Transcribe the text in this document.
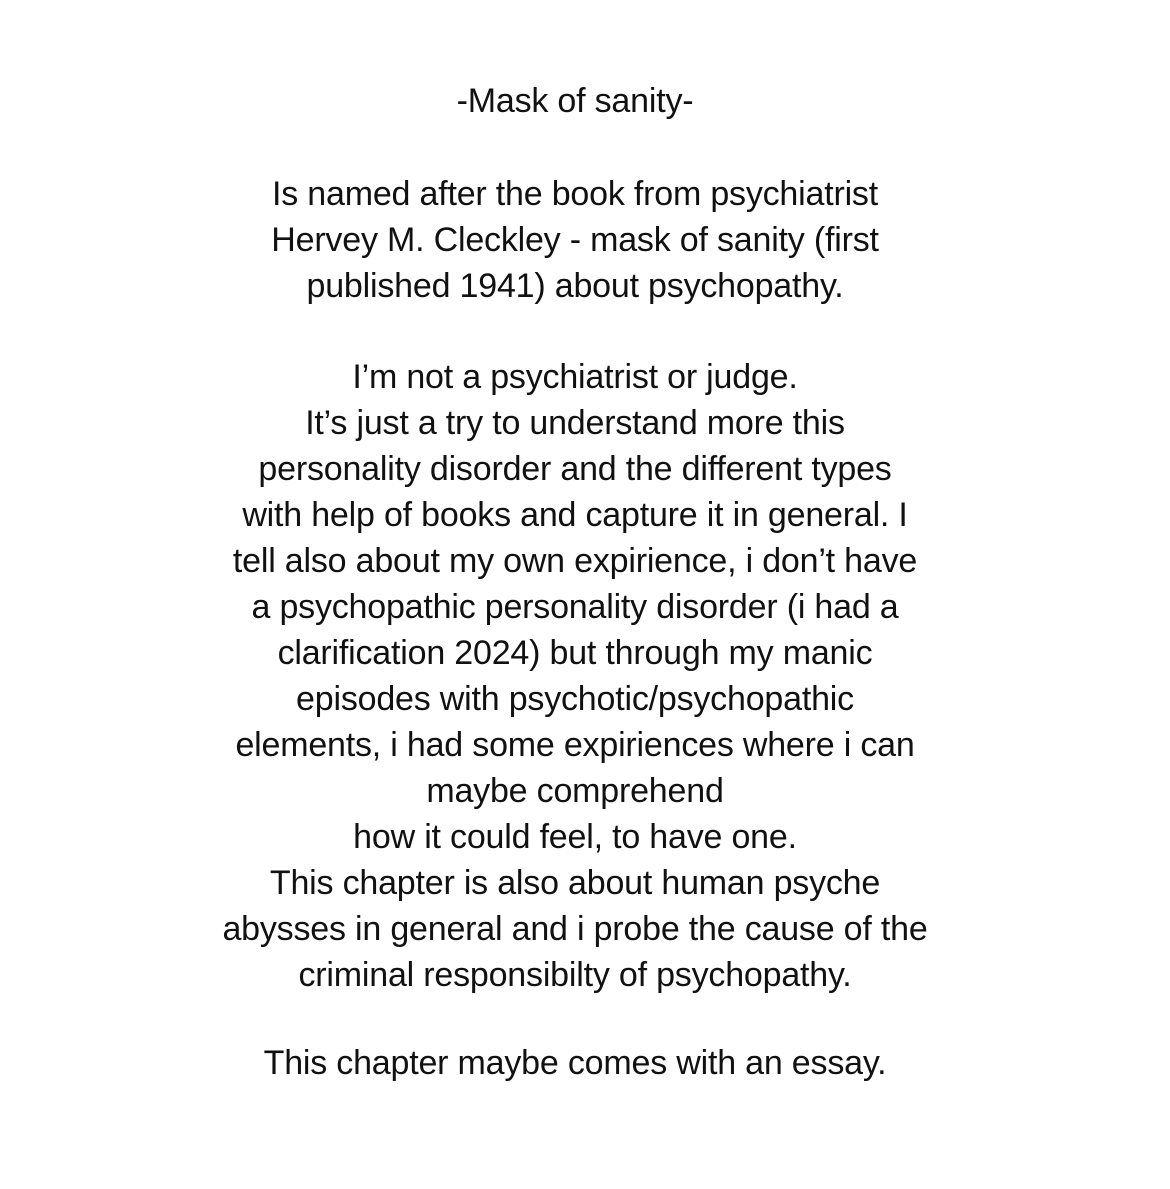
-Mask of sanity-
Is named after the book from psychiatrist
Hervey M. Cleckley - mask of sanity (first
published 1941) about psychopathy.
I’m not a psychiatrist or judge.
It’s just a try to understand more this
personality disorder and the different types
with help of books and capture it in general. I
tell also about my own expirience, i don’t have
a psychopathic personality disorder (i had a
clarification 2024) but through my manic
episodes with psychotic/psychopathic
elements, i had some expiriences where i can
maybe comprehend
how it could feel, to have one.
This chapter is also about human psyche
abysses in general and i probe the cause of the
criminal responsibilty of psychopathy.
This chapter maybe comes with an essay.
